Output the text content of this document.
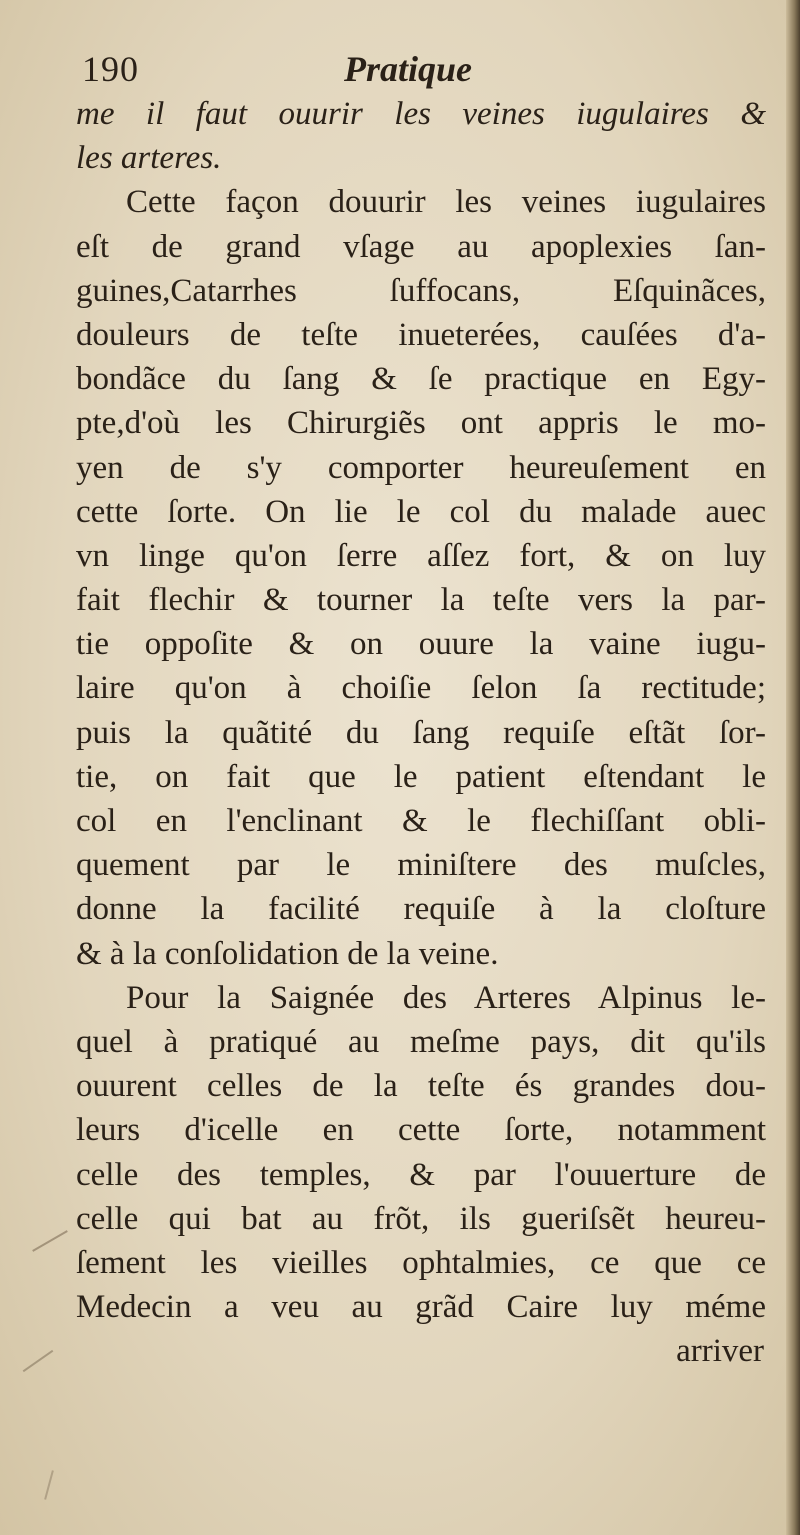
190	Pratique
me il faut ouurir les veines iugulaires &
les arteres.
Cette façon douurir les veines iugulaires
eſt de grand vſage au apoplexies ſan-
guines,Catarrhes ſuffocans, Eſquinãces,
douleurs de teſte inueterées, cauſées d'a-
bondãce du ſang & ſe practique en Egy-
pte,d'où les Chirurgiẽs ont appris le mo-
yen de s'y comporter heureuſement en
cette ſorte. On lie le col du malade auec
vn linge qu'on ſerre aſſez fort, & on luy
fait flechir & tourner la teſte vers la par-
tie oppoſite & on ouure la vaine iugu-
laire qu'on à choiſie ſelon ſa rectitude;
puis la quãtité du ſang requiſe eſtãt ſor-
tie, on fait que le patient eſtendant le
col en l'enclinant & le flechiſſant obli-
quement par le miniſtere des muſcles,
donne la facilité requiſe à la cloſture
& à la conſolidation de la veine.
Pour la Saignée des Arteres Alpinus le-
quel à pratiqué au meſme pays, dit qu'ils
ouurent celles de la teſte és grandes dou-
leurs d'icelle en cette ſorte, notamment
celle des temples, & par l'ouuerture de
celle qui bat au frõt, ils gueriſsẽt heureu-
ſement les vieilles ophtalmies, ce que ce
Medecin a veu au grãd Caire luy méme
arriver
